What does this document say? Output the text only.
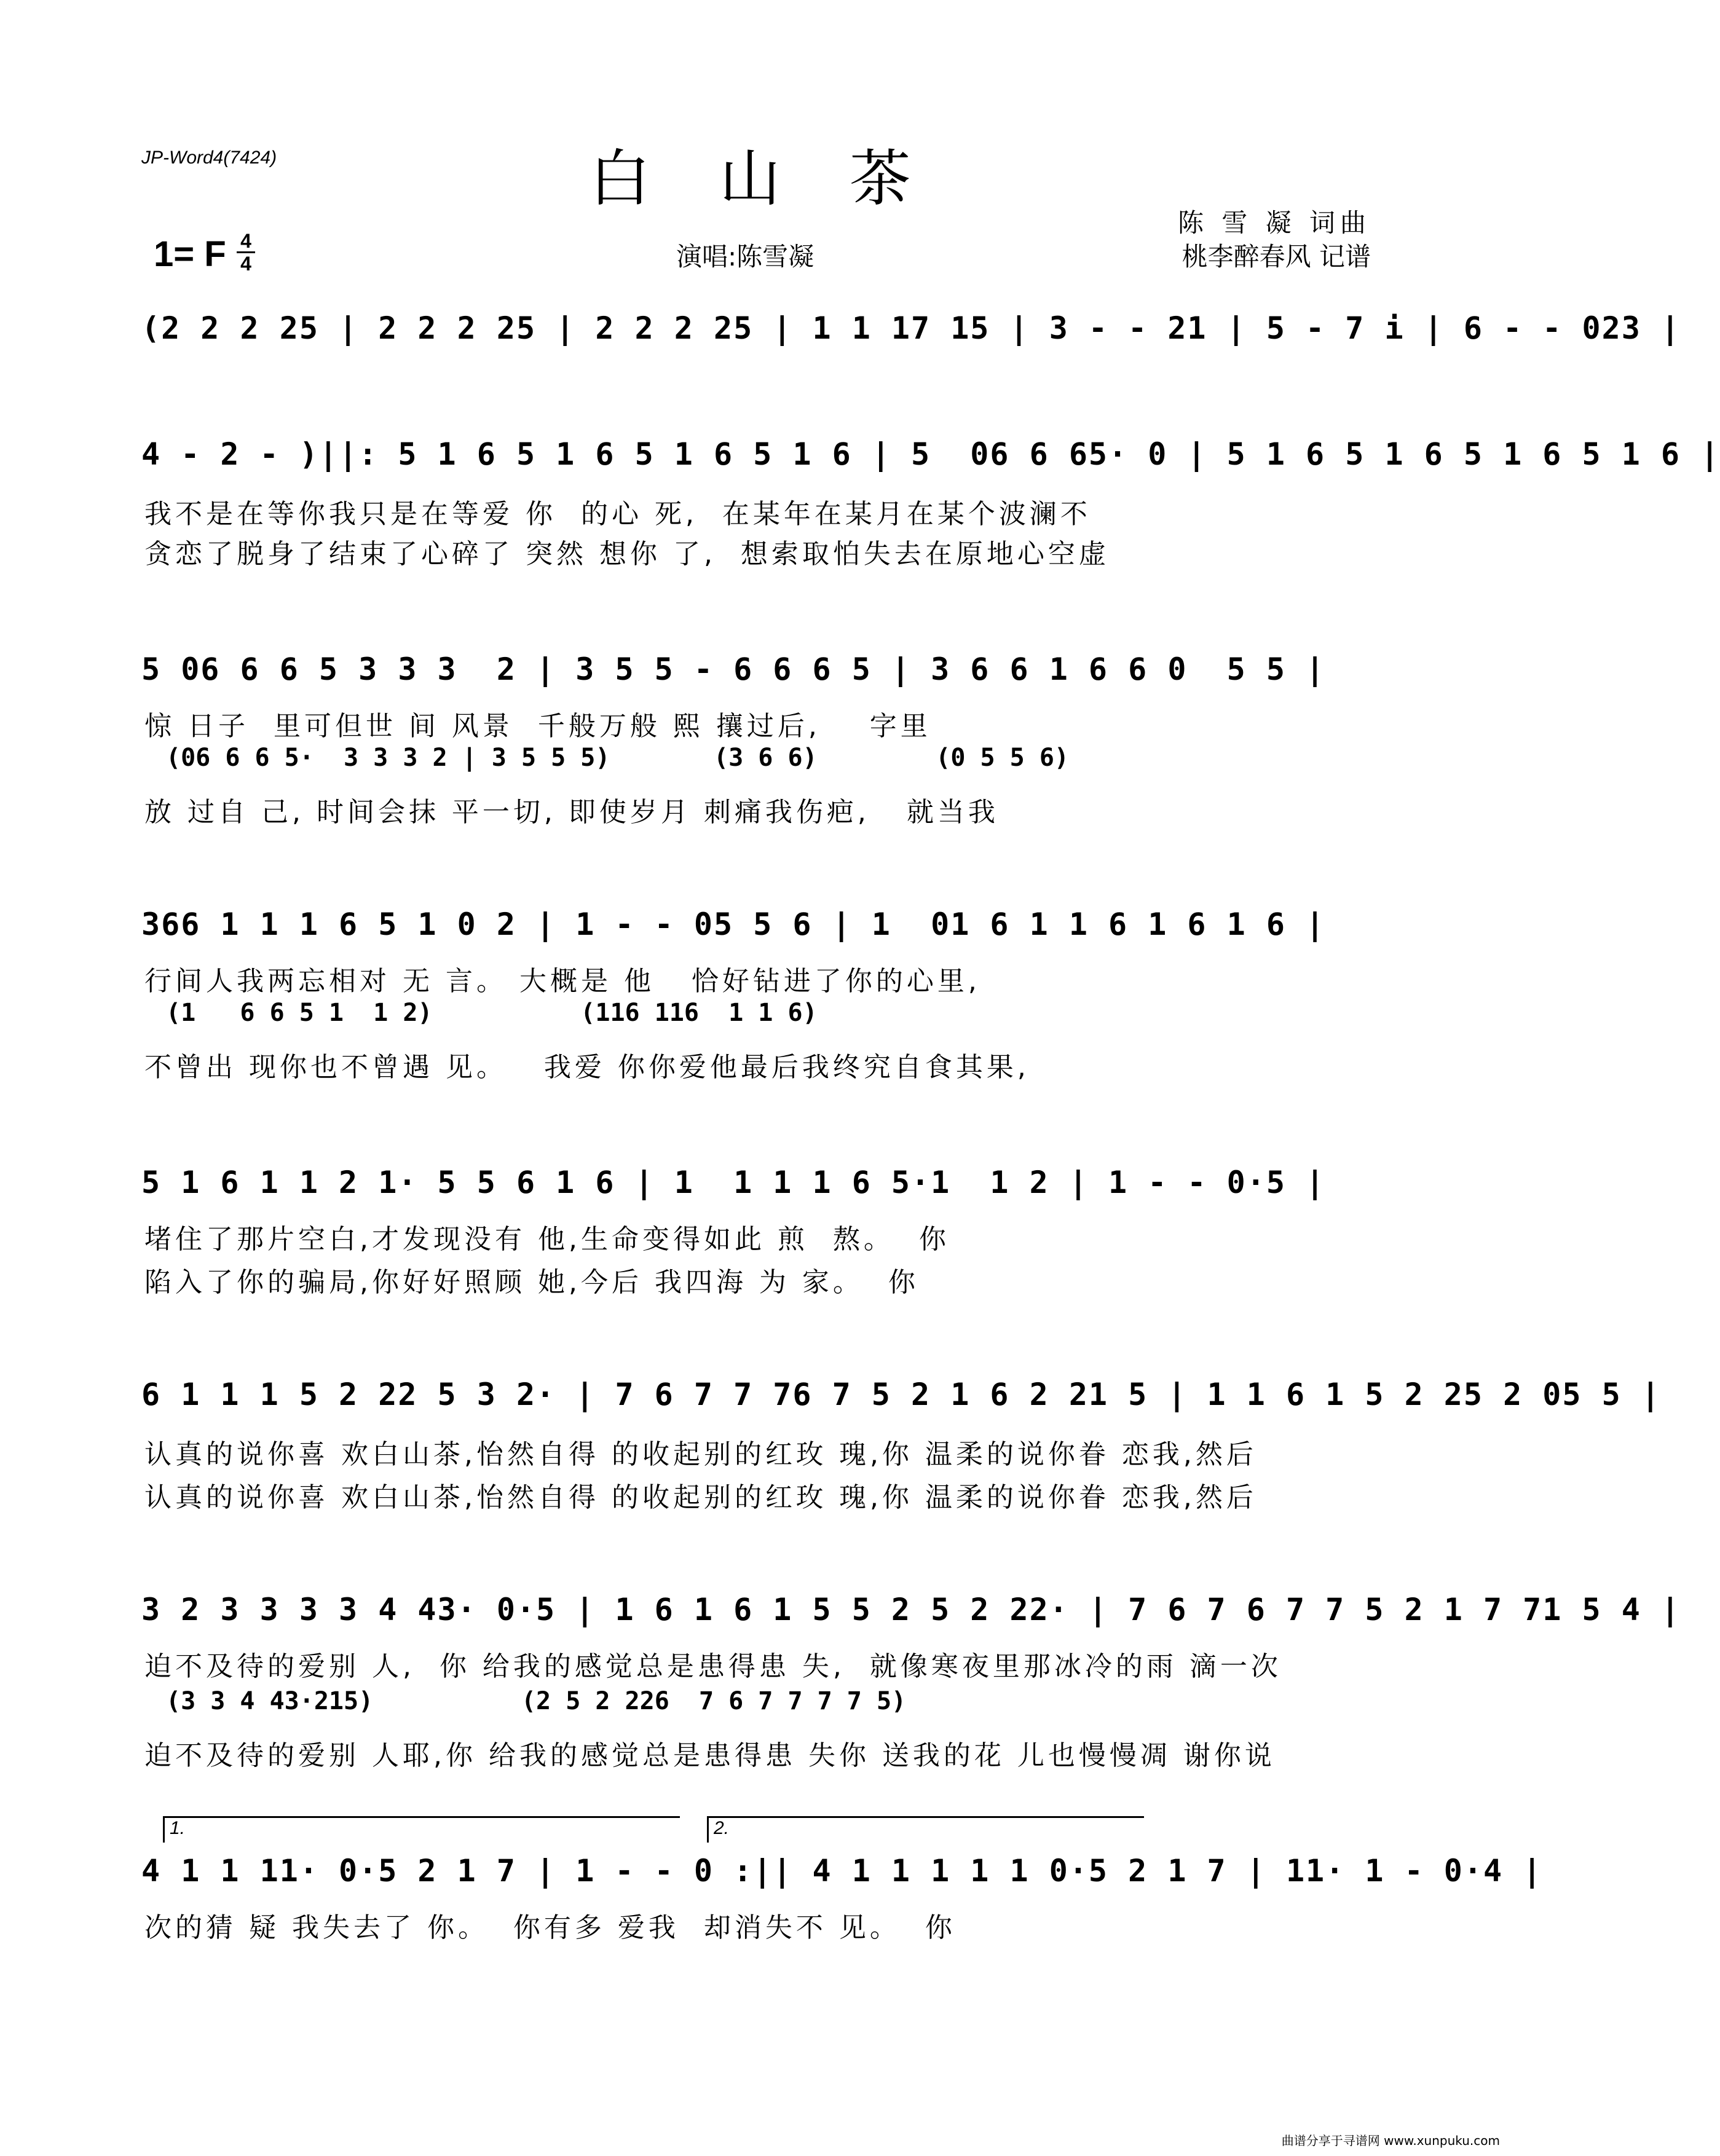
JP-Word4(7424)	白 山 茶
1= F 4
4	演唱:陈雪凝
陈 雪 凝 词曲
桃李醉春风 记谱
(2 2 2 25 | 2 2 2 25 | 2 2 2 25 | 1 1 17 15 | 3 - - 21 | 5 - 7 i | 6 - - 023 |
4 - 2 - )||: 5 1 6 5 1 6 5 1 6 5 1 6 | 5  06 6 65· 0 | 5 1 6 5 1 6 5 1 6 5 1 6 |
我不是在等你我只是在等爱 你  的心 死,  在某年在某月在某个波澜不
贪恋了脱身了结束了心碎了 突然 想你 了,  想索取怕失去在原地心空虚
5 06 6 6 5 3 3 3  2 | 3 5 5 - 6 6 6 5 | 3 6 6 1 6 6 0  5 5 |
惊 日子  里可但世 间 风景  千般万般 熙 攘过后,    字里
(06 6 6 5·  3 3 3 2 | 3 5 5 5)       (3 6 6)        (0 5 5 6)
放 过自 己, 时间会抹 平一切, 即使岁月 刺痛我伤疤,   就当我
366 1 1 1 6 5 1 0 2 | 1 - - 05 5 6 | 1  01 6 1 1 6 1 6 1 6 |
行间人我两忘相对 无 言。 大概是 他   恰好钻进了你的心里,
(1   6 6 5 1  1 2)          (116 116  1 1 6)
不曾出 现你也不曾遇 见。   我爱 你你爱他最后我终究自食其果,
5 1 6 1 1 2 1· 5 5 6 1 6 | 1  1 1 1 6 5·1  1 2 | 1 - - 0·5 |
堵住了那片空白,才发现没有 他,生命变得如此 煎  熬。  你
陷入了你的骗局,你好好照顾 她,今后 我四海 为 家。  你
6 1 1 1 5 2 22 5 3 2· | 7 6 7 7 76 7 5 2 1 6 2 21 5 | 1 1 6 1 5 2 25 2 05 5 |
认真的说你喜 欢白山茶,怡然自得 的收起别的红玫 瑰,你 温柔的说你眷 恋我,然后
认真的说你喜 欢白山茶,怡然自得 的收起别的红玫 瑰,你 温柔的说你眷 恋我,然后
3 2 3 3 3 3 4 43· 0·5 | 1 6 1 6 1 5 5 2 5 2 22· | 7 6 7 6 7 7 5 2 1 7 71 5 4 |
迫不及待的爱别 人,  你 给我的感觉总是患得患 失,  就像寒夜里那冰冷的雨 滴一次
(3 3 4 43·215)          (2 5 2 226  7 6 7 7 7 7 5)
迫不及待的爱别 人耶,你 给我的感觉总是患得患 失你 送我的花 儿也慢慢凋 谢你说
1.	2.
4 1 1 11· 0·5 2 1 7 | 1 - - 0 :|| 4 1 1 1 1 1 0·5 2 1 7 | 11· 1 - 0·4 |
次的猜 疑 我失去了 你。  你有多 爱我  却消失不 见。  你
曲谱分享于寻谱网 www.xunpuku.com
